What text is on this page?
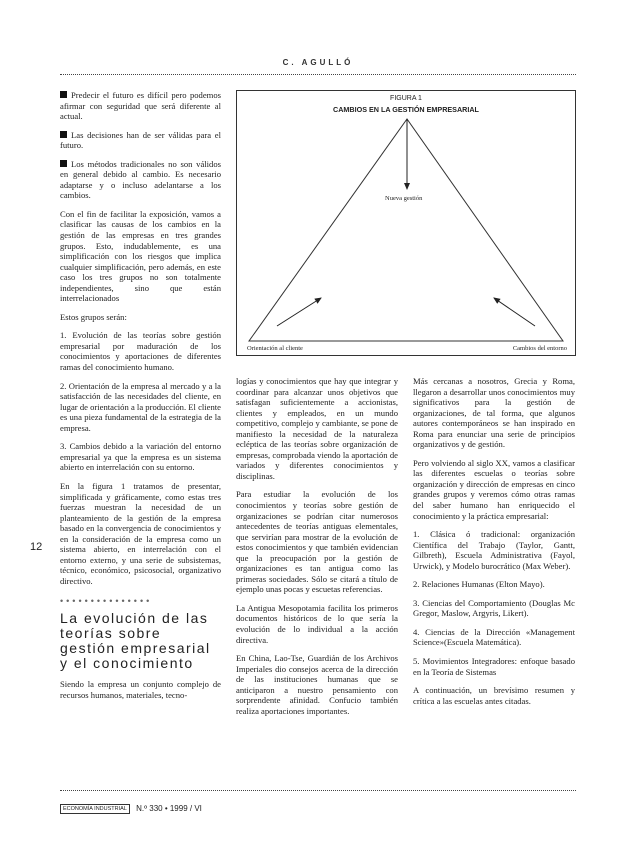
C. AGULLÓ
12

Predecir el futuro es difícil pero podemos afirmar con seguridad que será diferente al actual.

Las decisiones han de ser válidas para el futuro.

Los métodos tradicionales no son válidos en general debido al cambio. Es necesario adaptarse y o incluso adelantarse a los cambios.

Con el fin de facilitar la exposición, vamos a clasificar las causas de los cambios en la gestión de las empresas en tres grandes grupos. Esto, indudablemente, es una simplificación con los riesgos que implica cualquier simplificación, pero además, en este caso los tres grupos no son totalmente independientes, sino que están interrelacionados

Estos grupos serán:

1. Evolución de las teorías sobre gestión empresarial por maduración de los conocimientos y aportaciones de diferentes ramas del conocimiento humano.

2. Orientación de la empresa al mercado y a la satisfacción de las necesidades del cliente, en lugar de orientación a la producción. El cliente es una pieza fundamental de la estrategia de la empresa.

3. Cambios debido a la variación del entorno empresarial ya que la empresa es un sistema abierto en interrelación con su entorno.

En la figura 1 tratamos de presentar, simplificada y gráficamente, como estas tres fuerzas muestran la necesidad de un planteamiento de la gestión de la empresa basado en la convergencia de conocimientos y en la consideración de la empresa como un sistema abierto, en interrelación con el entorno externo, y una serie de subsistemas, técnico, económico, psicosocial, organizativo directivo.

•••••••••••••••
La evolución de las teorías sobre gestión empresarial y el conocimiento

Siendo la empresa un conjunto complejo de recursos humanos, materiales, tecno-

FIGURA 1
CAMBIOS EN LA GESTIÓN EMPRESARIAL
Nueva gestión
Orientación al cliente	Cambios del entorno

logías y conocimientos que hay que integrar y coordinar para alcanzar unos objetivos que satisfagan suficientemente a accionistas, clientes y empleados, en un mundo competitivo, complejo y cambiante, se pone de manifiesto la necesidad de la naturaleza ecléptica de las teorías sobre organización de empresas, comprobada viendo la aportación de variados y diferentes conocimientos y disciplinas.

Para estudiar la evolución de los conocimientos y teorías sobre gestión de organizaciones se podrían citar numerosos antecedentes de teorías antiguas elementales, que servirían para mostrar de la evolución de estos conocimientos y que también evidencian que la preocupación por la gestión de organizaciones es tan antigua como las primeras sociedades. Sólo se citará a título de ejemplo unas pocas y escuetas referencias.

La Antigua Mesopotamia facilita los primeros documentos históricos de lo que sería la evolución de lo individual a la acción directiva.

En China, Lao-Tse, Guardián de los Archivos Imperiales dio consejos acerca de la dirección de las instituciones humanas que se anticiparon a nuestro pensamiento con sorprendente afinidad. Confucio también realiza aportaciones importantes.

Más cercanas a nosotros, Grecia y Roma, llegaron a desarrollar unos conocimientos muy significativos para la gestión de organizaciones, de tal forma, que algunos autores contemporáneos se han inspirado en Roma para enunciar una serie de principios organizativos y de gestión.

Pero volviendo al siglo XX, vamos a clasificar las diferentes escuelas o teorías sobre organización y dirección de empresas en cinco grandes grupos y veremos cómo otras ramas del saber humano han enriquecido el conocimiento y la práctica empresarial:

1. Clásica ó tradicional: organización Científica del Trabajo (Taylor, Gantt, Gilbreth), Escuela Administrativa (Fayol, Urwick), y Modelo burocrático (Max Weber).

2. Relaciones Humanas (Elton Mayo).

3. Ciencias del Comportamiento (Douglas Mc Gregor, Maslow, Argyris, Likert).

4. Ciencias de la Dirección «Management Science»(Escuela Matemática).

5. Movimientos Integradores: enfoque basado en la Teoría de Sistemas

A continuación, un brevísimo resumen y crítica a las escuelas antes citadas.

ECONOMÍA INDUSTRIAL N.º 330 • 1999 / VI
